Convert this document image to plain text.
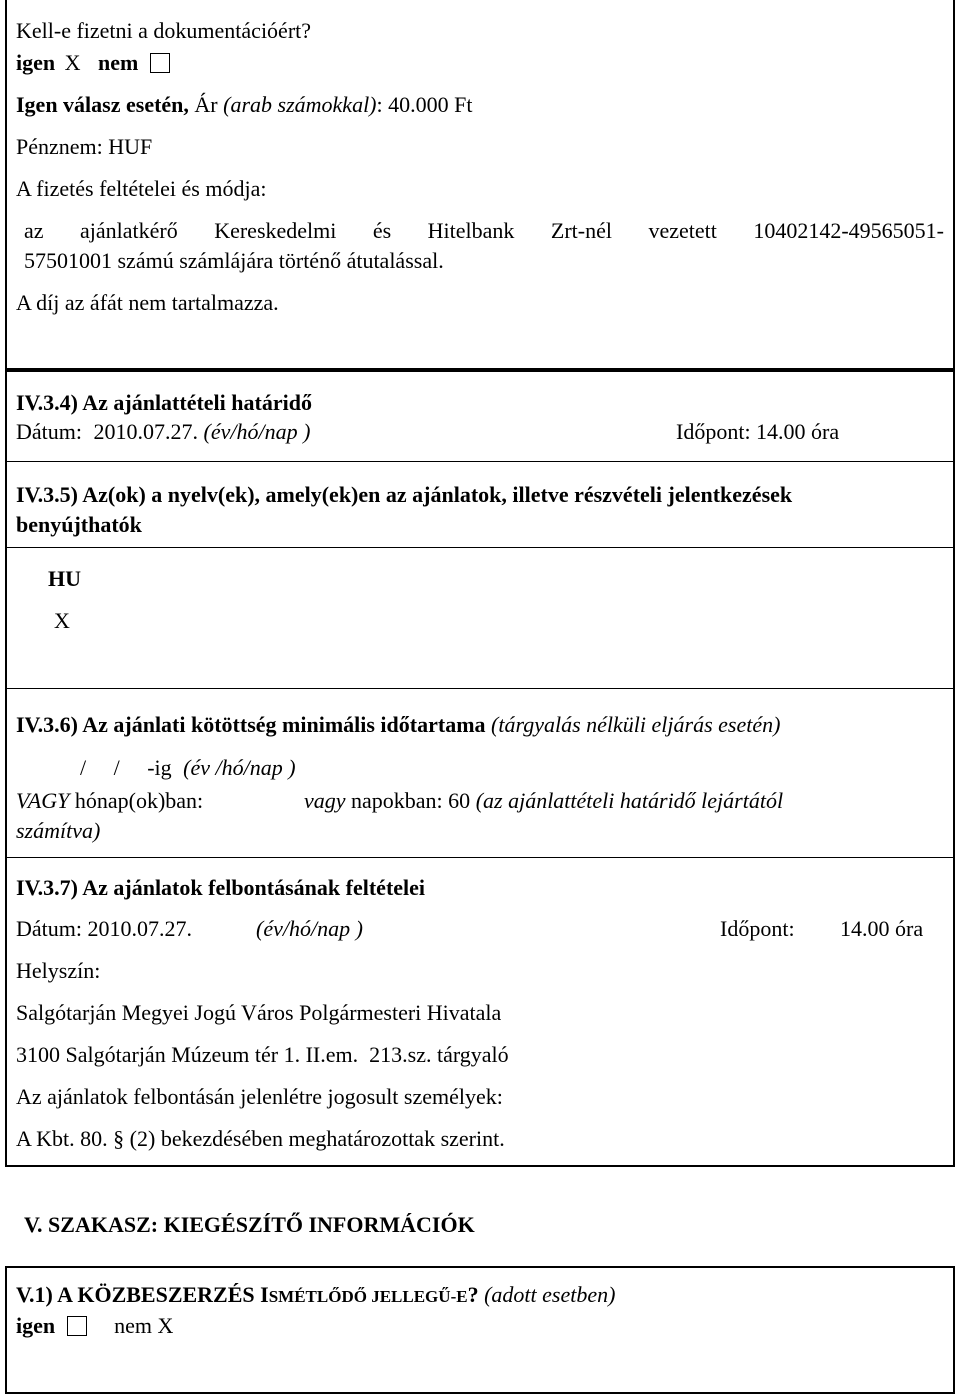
Kell-e fizetni a dokumentációért?
igen X nem
Igen válasz esetén, Ár (arab számokkal): 40.000 Ft
Pénznem: HUF
A fizetés feltételei és módja:
az ajánlatkérő Kereskedelmi és Hitelbank Zrt-nél vezetett 10402142-49565051-
57501001 számú számlájára történő átutalással.
A díj az áfát nem tartalmazza.
IV.3.4) Az ajánlattételi határidő
Dátum: 2010.07.27. (év/hó/nap )	Időpont: 14.00 óra
IV.3.5) Az(ok) a nyelv(ek), amely(ek)en az ajánlatok, illetve részvételi jelentkezések
benyújthatók
HU
X
IV.3.6) Az ajánlati kötöttség minimális időtartama (tárgyalás nélküli eljárás esetén)
/     /     -ig (év /hó/nap )
VAGY hónap(ok)ban:	vagy napokban: 60 (az ajánlattételi határidő lejártától
számítva)
IV.3.7) Az ajánlatok felbontásának feltételei
Dátum: 2010.07.27.	(év/hó/nap )	Időpont: 14.00 óra
Helyszín:
Salgótarján Megyei Jogú Város Polgármesteri Hivatala
3100 Salgótarján Múzeum tér 1. II.em.  213.sz. tárgyaló
Az ajánlatok felbontásán jelenlétre jogosult személyek:
A Kbt. 80. § (2) bekezdésében meghatározottak szerint.
V. SZAKASZ: KIEGÉSZÍTŐ INFORMÁCIÓK
V.1) A KÖZBESZERZÉS ISMÉTLŐDŐ JELLEGŰ-E? (adott esetben)
igen	nem X
